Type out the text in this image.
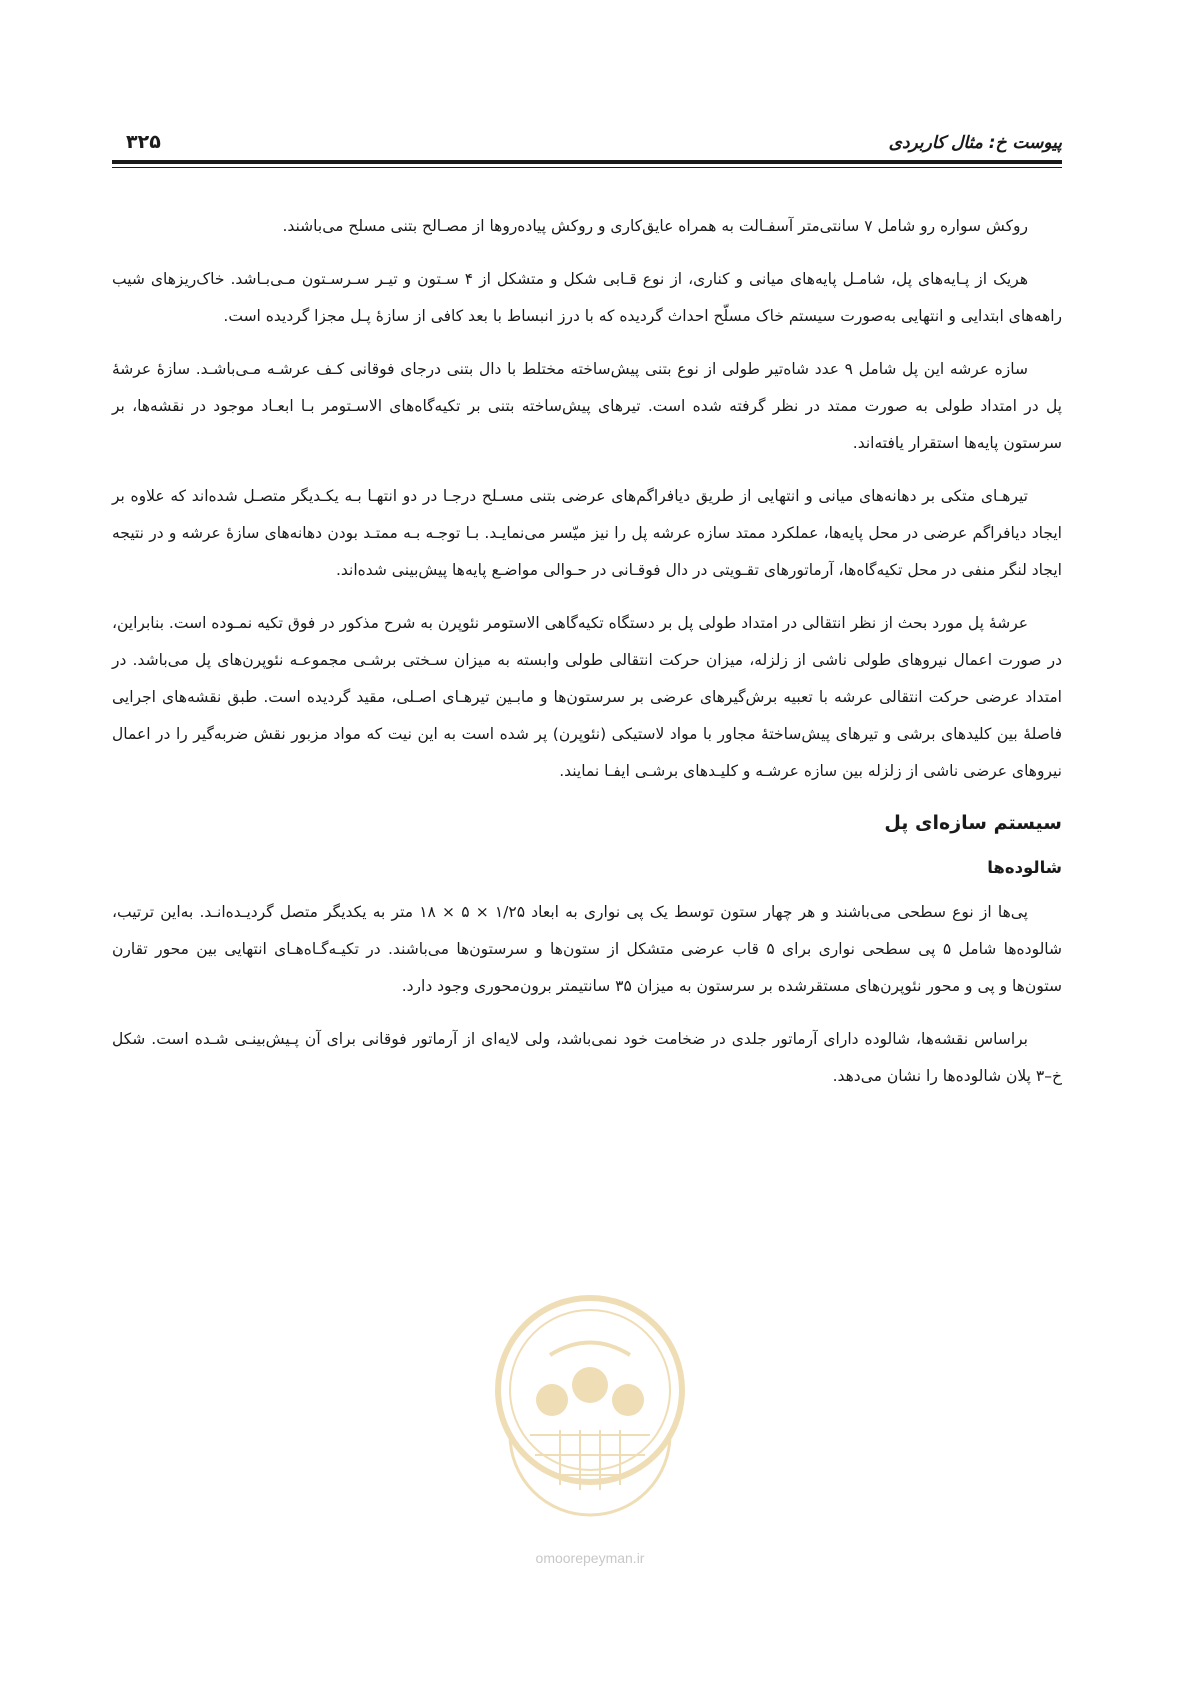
پیوست خ: مثال کاربردی
۳۲۵

روکش سواره رو شامل ۷ سانتی‌متر آسفـالت به همراه عایق‌کاری و روکش پیاده‌روها از مصـالح بتنی مسلح می‌باشند.

هریک از پـایه‌های پل، شامـل پایه‌های میانی و کناری، از نوع قـابی شکل و متشکل از ۴ سـتون و تیـر سـرسـتون مـی‌بـاشد. خاک‌ریزهای شیب راهه‌های ابتدایی و انتهایی به‌صورت سیستم خاک مسلّح احداث گردیده که با درز انبساط با بعد کافی از سازهٔ پـل مجزا گردیده است.

سازه عرشه این پل شامل ۹ عدد شاه‌تیر طولی از نوع بتنی پیش‌ساخته مختلط با دال بتنی درجای فوقانی کـف عرشـه مـی‌باشـد. سازهٔ عرشهٔ پل در امتداد طولی به صورت ممتد در نظر گرفته شده است. تیرهای پیش‌ساخته بتنی بر تکیه‌گاه‌های الاسـتومر بـا ابعـاد موجود در نقشه‌ها، بر سرستون پایه‌ها استقرار یافته‌اند.

تیرهـای متکی بر دهانه‌های میانی و انتهایی از طریق دیافراگم‌های عرضی بتنی مسـلح درجـا در دو انتهـا بـه یکـدیگر متصـل شده‌اند که علاوه بر ایجاد دیافراگم عرضی در محل پایه‌ها، عملکرد ممتد سازه عرشه پل را نیز میّسر می‌نمایـد. بـا توجـه بـه ممتـد بودن دهانه‌های سازهٔ عرشه و در نتیجه ایجاد لنگر منفی در محل تکیه‌گاه‌ها، آرماتورهای تقـویتی در دال فوقـانی در حـوالی مواضـع پایه‌ها پیش‌بینی شده‌اند.

عرشهٔ پل مورد بحث از نظر انتقالی در امتداد طولی پل بر دستگاه تکیه‌گاهی الاستومر نئوپرن به شرح مذکور در فوق تکیه نمـوده است. بنابراین، در صورت اعمال نیروهای طولی ناشی از زلزله، میزان حرکت انتقالی طولی وابسته به میزان سـختی برشـی مجموعـه نئوپرن‌های پل می‌باشد. در امتداد عرضی حرکت انتقالی عرشه با تعبیه برش‌گیرهای عرضی بر سرستون‌ها و مابـین تیرهـای اصـلی، مقید گردیده است. طبق نقشه‌های اجرایی فاصلهٔ بین کلیدهای برشی و تیرهای پیش‌ساختهٔ مجاور با مواد لاستیکی (نئوپرن) پر شده است به این نیت که مواد مزبور نقش ضربه‌گیر را در اعمال نیروهای عرضی ناشی از زلزله بین سازه عرشـه و کلیـدهای برشـی ایفـا نمایند.

سیستم سازه‌ای پل
شالوده‌ها

پی‌ها از نوع سطحی می‌باشند و هر چهار ستون توسط یک پی نواری به ابعاد ۱/۲۵ × ۵ × ۱۸ متر به یکدیگر متصل گردیـده‌انـد. به‌این ترتیب، شالوده‌ها شامل ۵ پی سطحی نواری برای ۵ قاب عرضی متشکل از ستون‌ها و سرستون‌ها می‌باشند. در تکیـه‌گـاه‌هـای انتهایی بین محور تقارن ستون‌ها و پی و محور نئوپرن‌های مستقرشده بر سرستون به میزان ۳۵ سانتیمتر برون‌محوری وجود دارد.

براساس نقشه‌ها، شالوده دارای آرماتور جلدی در ضخامت خود نمی‌باشد، ولی لایه‌ای از آرماتور فوقانی برای آن پـیش‌بینـی شـده است. شکل خ–۳ پلان شالوده‌ها را نشان می‌دهد.

omoorepeyman.ir
